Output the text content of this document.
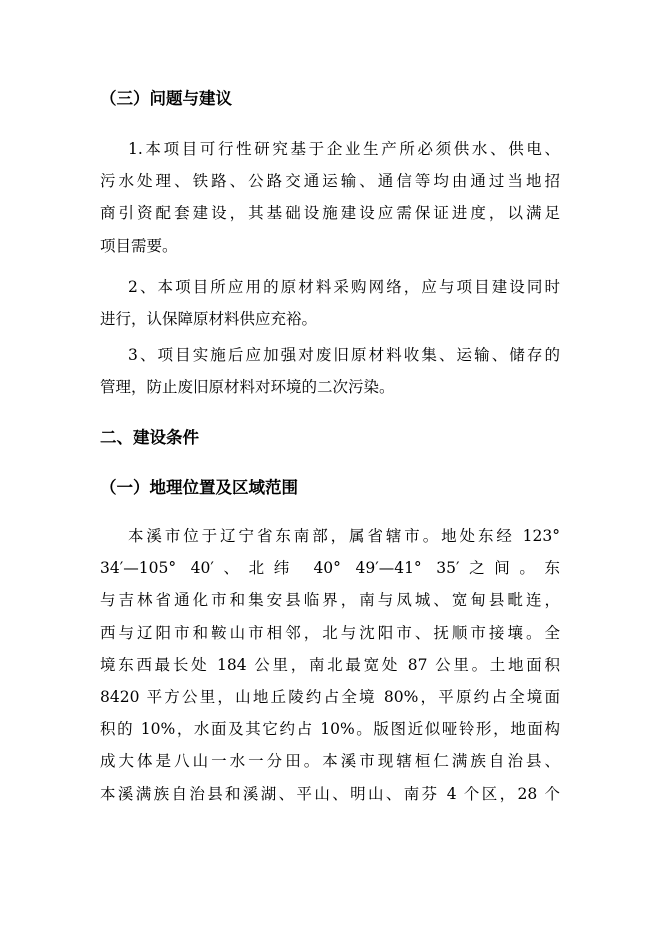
（三）问题与建议
1.本项目可行性研究基于企业生产所必须供水、供电、
污水处理、铁路、公路交通运输、通信等均由通过当地招
商引资配套建设，其基础设施建设应需保证进度，以满足
项目需要。
2、本项目所应用的原材料采购网络，应与项目建设同时
进行，认保障原材料供应充裕。
3、项目实施后应加强对废旧原材料收集、运输、储存的
管理，防止废旧原材料对环境的二次污染。
二、建设条件
（一）地理位置及区域范围
本溪市位于辽宁省东南部，属省辖市。地处东经 123°
34′—105° 40′、北纬 40° 49′—41° 35′之间。东
与吉林省通化市和集安县临界，南与凤城、宽甸县毗连，
西与辽阳市和鞍山市相邻，北与沈阳市、抚顺市接壤。全
境东西最长处 184 公里，南北最宽处 87 公里。土地面积
8420 平方公里，山地丘陵约占全境 80%，平原约占全境面
积的 10%，水面及其它约占 10%。版图近似哑铃形，地面构
成大体是八山一水一分田。本溪市现辖桓仁满族自治县、
本溪满族自治县和溪湖、平山、明山、南芬 4 个区，28 个
